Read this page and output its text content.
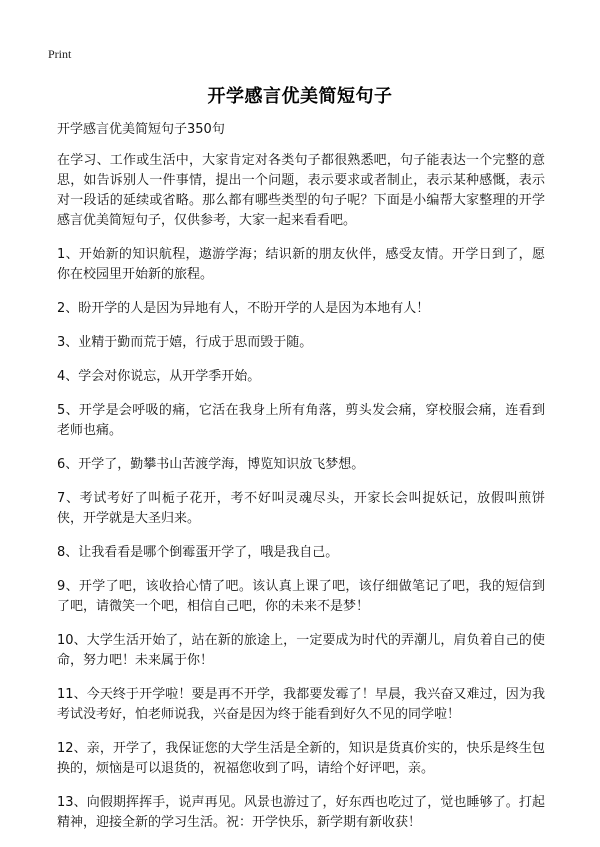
Print
开学感言优美简短句子
开学感言优美简短句子350句

在学习、工作或生活中，大家肯定对各类句子都很熟悉吧，句子能表达一个完整的意思，如告诉别人一件事情，提出一个问题，表示要求或者制止，表示某种感慨，表示对一段话的延续或省略。那么都有哪些类型的句子呢？下面是小编帮大家整理的开学感言优美简短句子，仅供参考，大家一起来看看吧。

1、开始新的知识航程，遨游学海；结识新的朋友伙伴，感受友情。开学日到了，愿你在校园里开始新的旅程。

2、盼开学的人是因为异地有人，不盼开学的人是因为本地有人！

3、业精于勤而荒于嬉，行成于思而毁于随。

4、学会对你说忘，从开学季开始。

5、开学是会呼吸的痛，它活在我身上所有角落，剪头发会痛，穿校服会痛，连看到老师也痛。

6、开学了，勤攀书山苦渡学海，博览知识放飞梦想。

7、考试考好了叫栀子花开，考不好叫灵魂尽头，开家长会叫捉妖记，放假叫煎饼侠，开学就是大圣归来。

8、让我看看是哪个倒霉蛋开学了，哦是我自己。

9、开学了吧，该收拾心情了吧。该认真上课了吧，该仔细做笔记了吧，我的短信到了吧，请微笑一个吧，相信自己吧，你的未来不是梦！

10、大学生活开始了，站在新的旅途上，一定要成为时代的弄潮儿，肩负着自己的使命，努力吧！未来属于你！

11、今天终于开学啦！要是再不开学，我都要发霉了！早晨，我兴奋又难过，因为我考试没考好，怕老师说我，兴奋是因为终于能看到好久不见的同学啦！

12、亲，开学了，我保证您的大学生活是全新的，知识是货真价实的，快乐是终生包换的，烦恼是可以退货的，祝福您收到了吗，请给个好评吧，亲。

13、向假期挥挥手，说声再见。风景也游过了，好东西也吃过了，觉也睡够了。打起精神，迎接全新的学习生活。祝：开学快乐，新学期有新收获！
